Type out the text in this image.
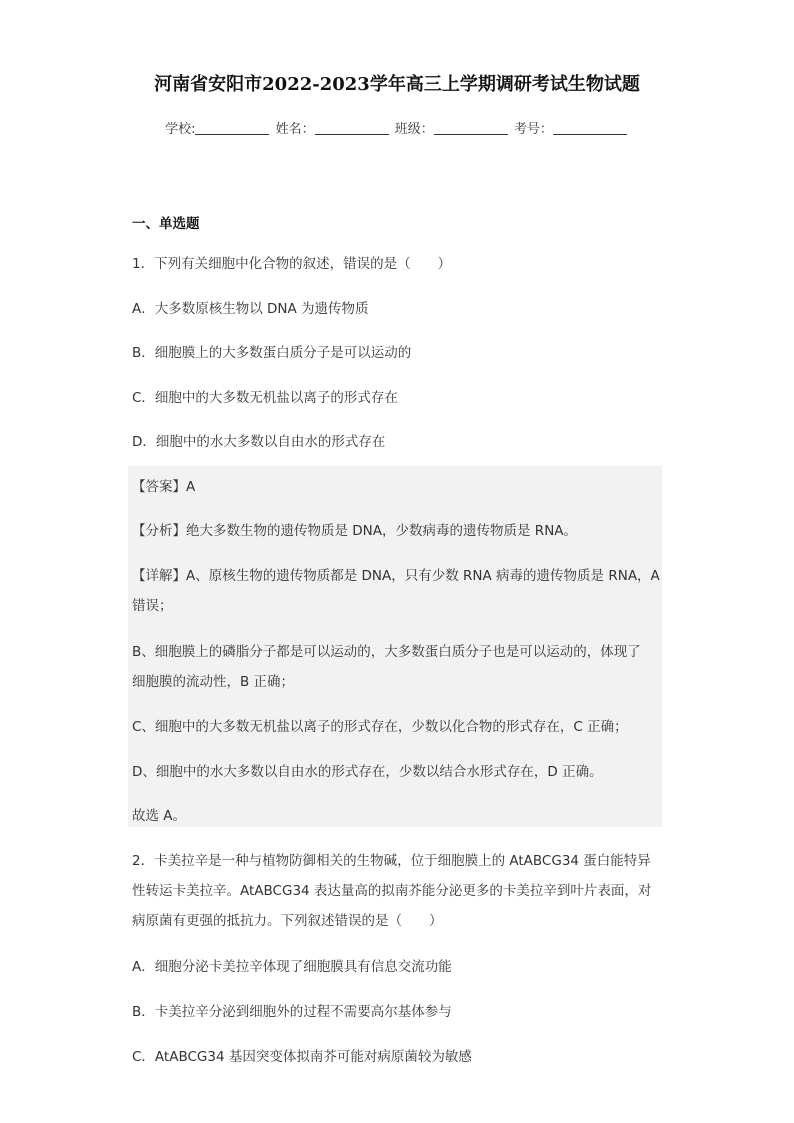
河南省安阳市2022-2023学年高三上学期调研考试生物试题
学校:	姓名：	班级：	考号：
一、单选题
1．下列有关细胞中化合物的叙述，错误的是（　　）
A．大多数原核生物以 DNA 为遗传物质
B．细胞膜上的大多数蛋白质分子是可以运动的
C．细胞中的大多数无机盐以离子的形式存在
D．细胞中的水大多数以自由水的形式存在
【答案】A
【分析】绝大多数生物的遗传物质是 DNA，少数病毒的遗传物质是 RNA。
【详解】A、原核生物的遗传物质都是 DNA，只有少数 RNA 病毒的遗传物质是 RNA，A
错误；
B、细胞膜上的磷脂分子都是可以运动的，大多数蛋白质分子也是可以运动的，体现了
细胞膜的流动性，B 正确；
C、细胞中的大多数无机盐以离子的形式存在，少数以化合物的形式存在，C 正确；
D、细胞中的水大多数以自由水的形式存在，少数以结合水形式存在，D 正确。
故选 A。
2．卡美拉辛是一种与植物防御相关的生物碱，位于细胞膜上的 AtABCG34 蛋白能特异
性转运卡美拉辛。AtABCG34 表达量高的拟南芥能分泌更多的卡美拉辛到叶片表面，对
病原菌有更强的抵抗力。下列叙述错误的是（　　）
A．细胞分泌卡美拉辛体现了细胞膜具有信息交流功能
B．卡美拉辛分泌到细胞外的过程不需要高尔基体参与
C．AtABCG34 基因突变体拟南芥可能对病原菌较为敏感
